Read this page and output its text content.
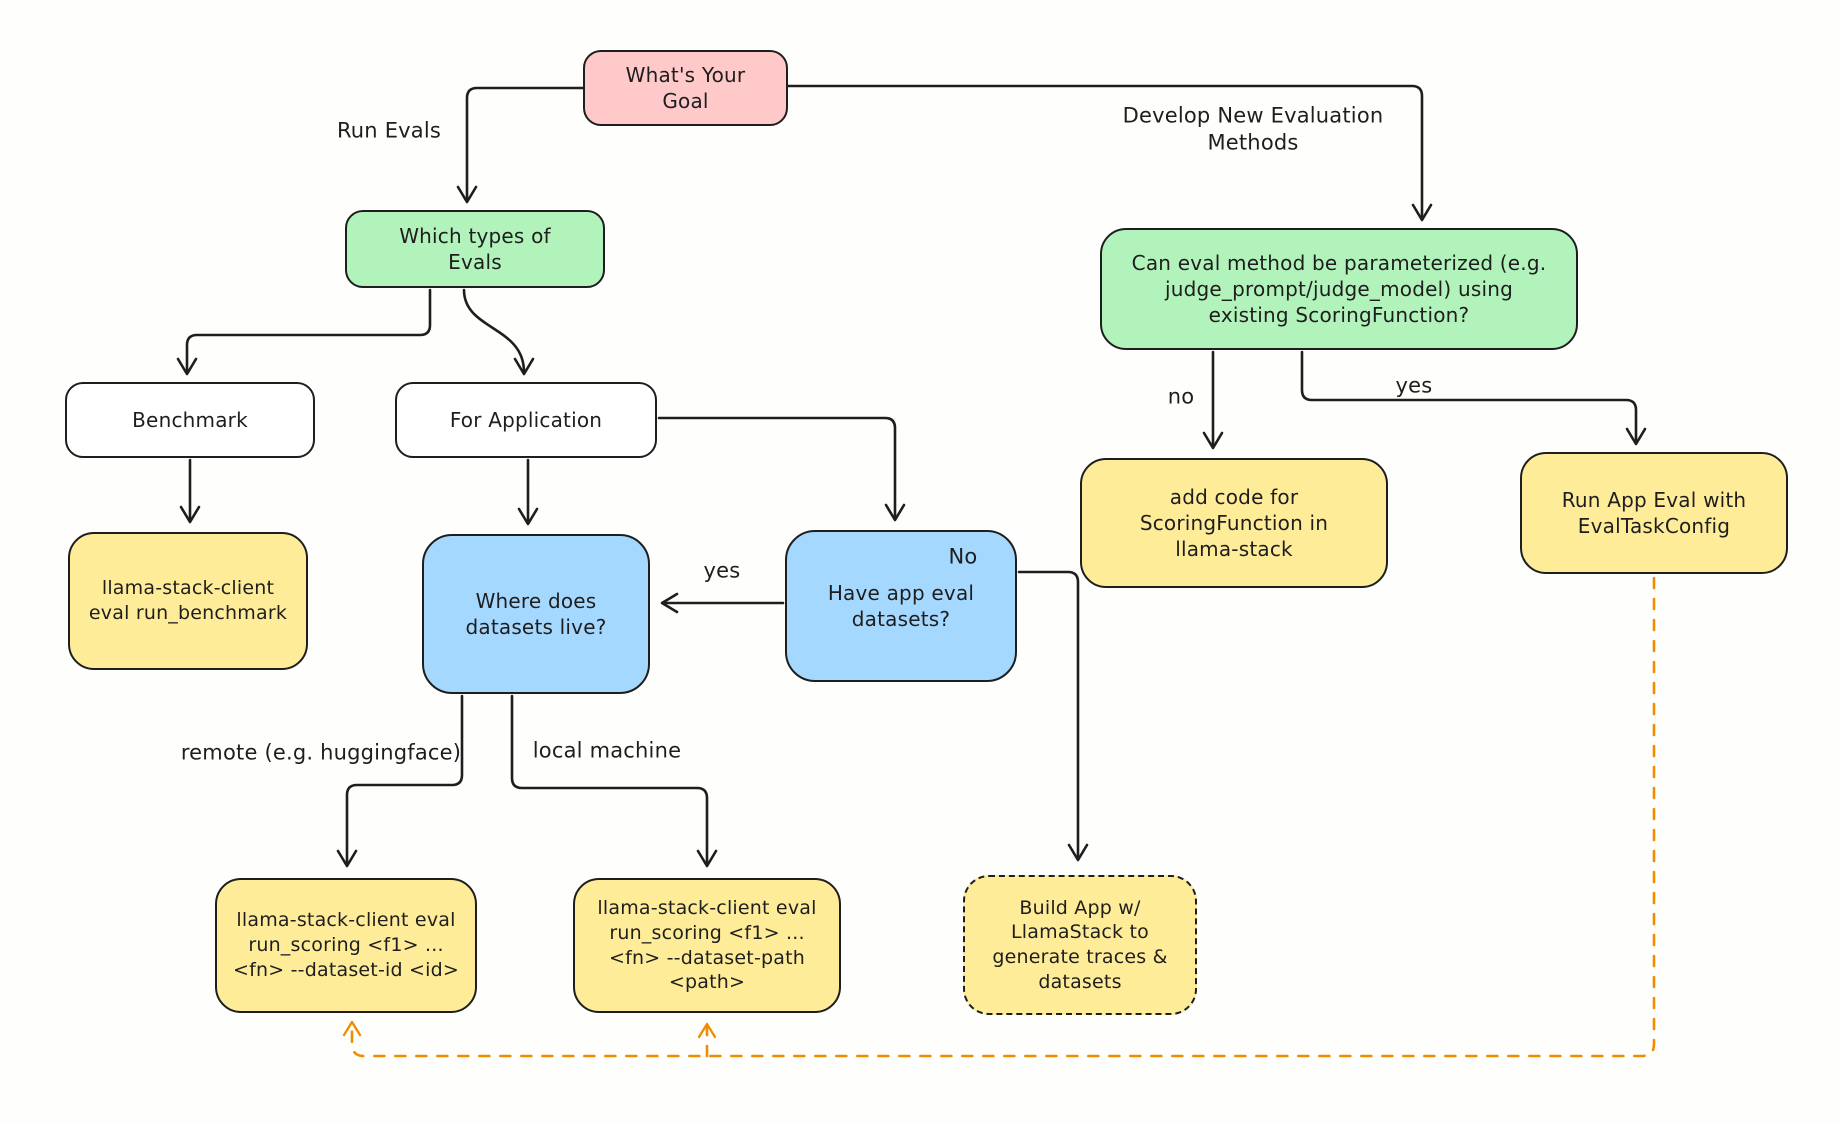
What's Your Goal
Which types of Evals	Can eval method be parameterized (e.g. judge_prompt/judge_model) using existing ScoringFunction?
Benchmark	For Application
llama-stack-client eval run_benchmark	Where does datasets live?
Have app eval datasets?
add code for ScoringFunction in llama-stack
Run App Eval with EvalTaskConfig
llama-stack-client eval run_scoring <f1> ... <fn> --dataset-id <id>
llama-stack-client eval run_scoring <f1> ... <fn> --dataset-path <path>
Build App w/ LlamaStack to generate traces & datasets
Run Evals
Develop New Evaluation Methods
no	yes
yes
No
remote (e.g. huggingface)	local machine
